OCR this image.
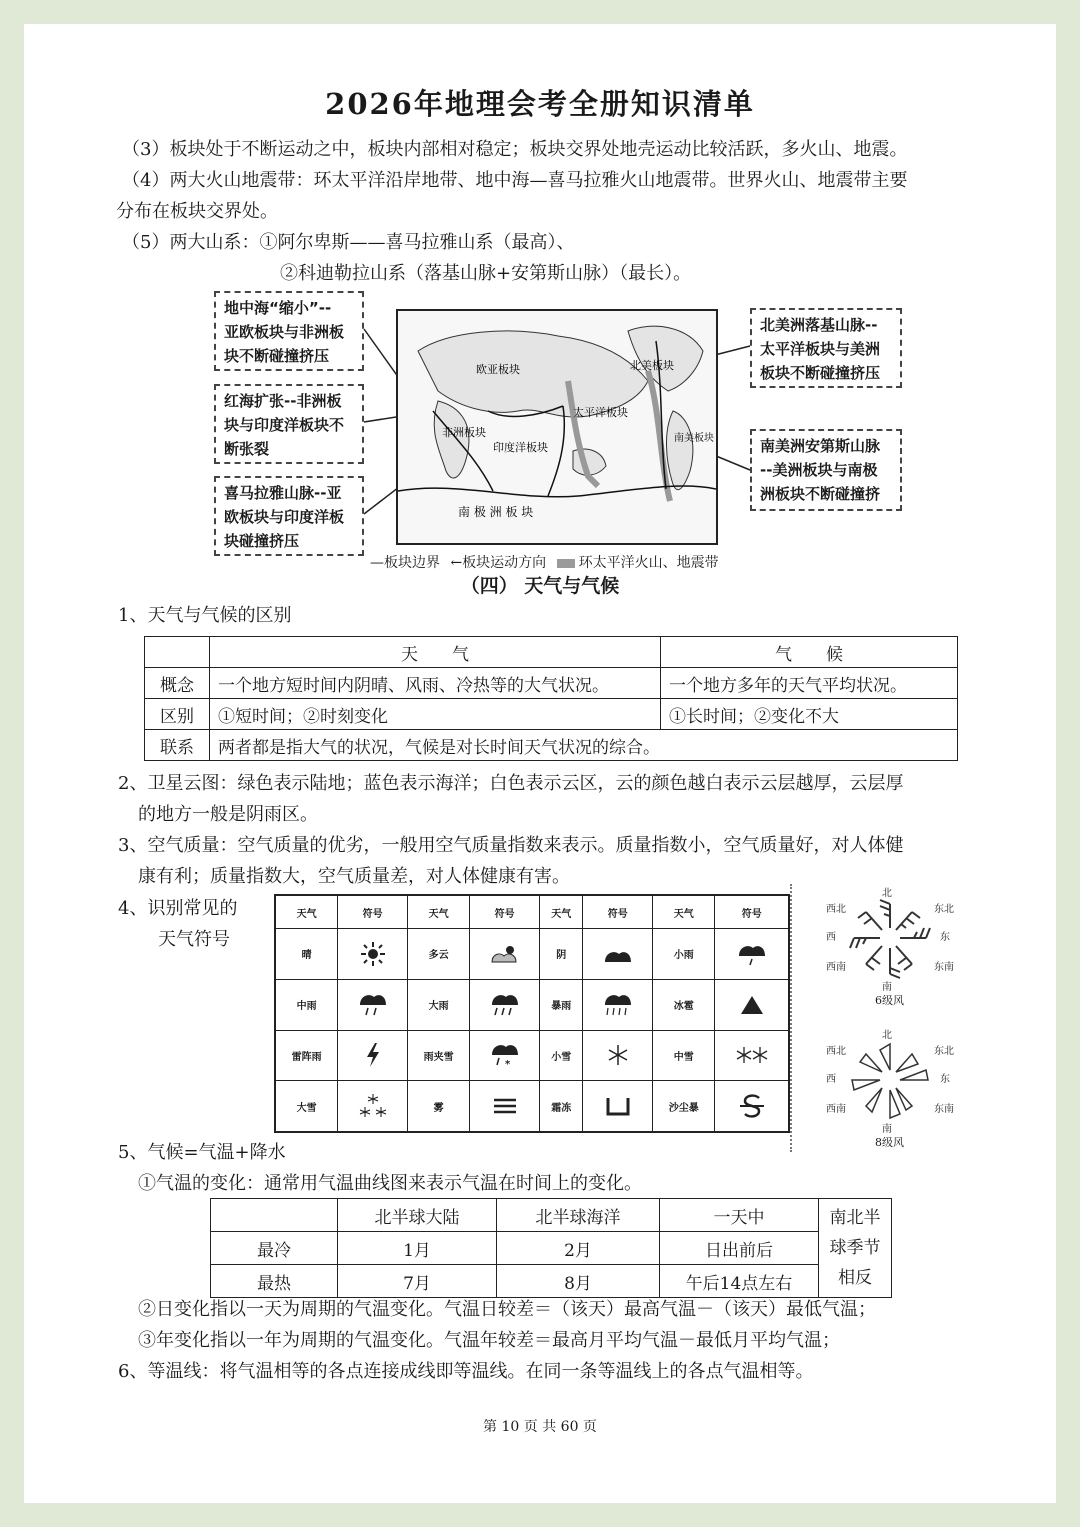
2026年地理会考全册知识清单
（3）板块处于不断运动之中，板块内部相对稳定；板块交界处地壳运动比较活跃，多火山、地震。
（4）两大火山地震带：环太平洋沿岸地带、地中海—喜马拉雅火山地震带。世界火山、地震带主要
分布在板块交界处。
（5）两大山系：①阿尔卑斯——喜马拉雅山系（最高）、
②科迪勒拉山系（落基山脉+安第斯山脉）（最长）。
地中海“缩小”--
亚欧板块与非洲板
块不断碰撞挤压
红海扩张--非洲板
块与印度洋板块不
断张裂
喜马拉雅山脉--亚
欧板块与印度洋板
块碰撞挤压
北美洲落基山脉--
太平洋板块与美洲
板块不断碰撞挤压
南美洲安第斯山脉
--美洲板块与南极
洲板块不断碰撞挤
欧亚板块	北美板块
太平洋板块
非洲板块
印度洋板块
南美板块
南 极 洲 板 块
—板块边界 ←板块运动方向 环太平洋火山、地震带
（四） 天气与气候
1、天气与气候的区别
	天　　气	气　　候
概念	一个地方短时间内阴晴、风雨、冷热等的大气状况。	一个地方多年的天气平均状况。
区别	①短时间；②时刻变化	①长时间；②变化不大
联系	两者都是指大气的状况，气候是对长时间天气状况的综合。	
2、卫星云图：绿色表示陆地；蓝色表示海洋；白色表示云区，云的颜色越白表示云层越厚，云层厚
的地方一般是阴雨区。
3、空气质量：空气质量的优劣，一般用空气质量指数来表示。质量指数小，空气质量好，对人体健
康有利；质量指数大，空气质量差，对人体健康有害。
4、识别常见的
天气符号
天气	符号	天气	符号	天气	符号	天气	符号
晴		多云		阴		小雨	
中雨		大雨		暴雨		冰雹	
雷阵雨		雨夹雪	*	小雪		中雪	
大雪		雾		霜冻		沙尘暴	
北
西北	东北
西	东
西南	东南
南
6级风
北
西北	东北
西	东
西南	东南
南
8级风
5、气候=气温+降水
①气温的变化：通常用气温曲线图来表示气温在时间上的变化。
	北半球大陆	北半球海洋	一天中	南北半
球季节
相反

最冷	1月	2月	日出前后	
最热	7月	8月	午后14点左右	
②日变化指以一天为周期的气温变化。气温日较差＝（该天）最高气温－（该天）最低气温；
③年变化指以一年为周期的气温变化。气温年较差＝最高月平均气温－最低月平均气温；
6、等温线：将气温相等的各点连接成线即等温线。在同一条等温线上的各点气温相等。
第 10 页 共 60 页
